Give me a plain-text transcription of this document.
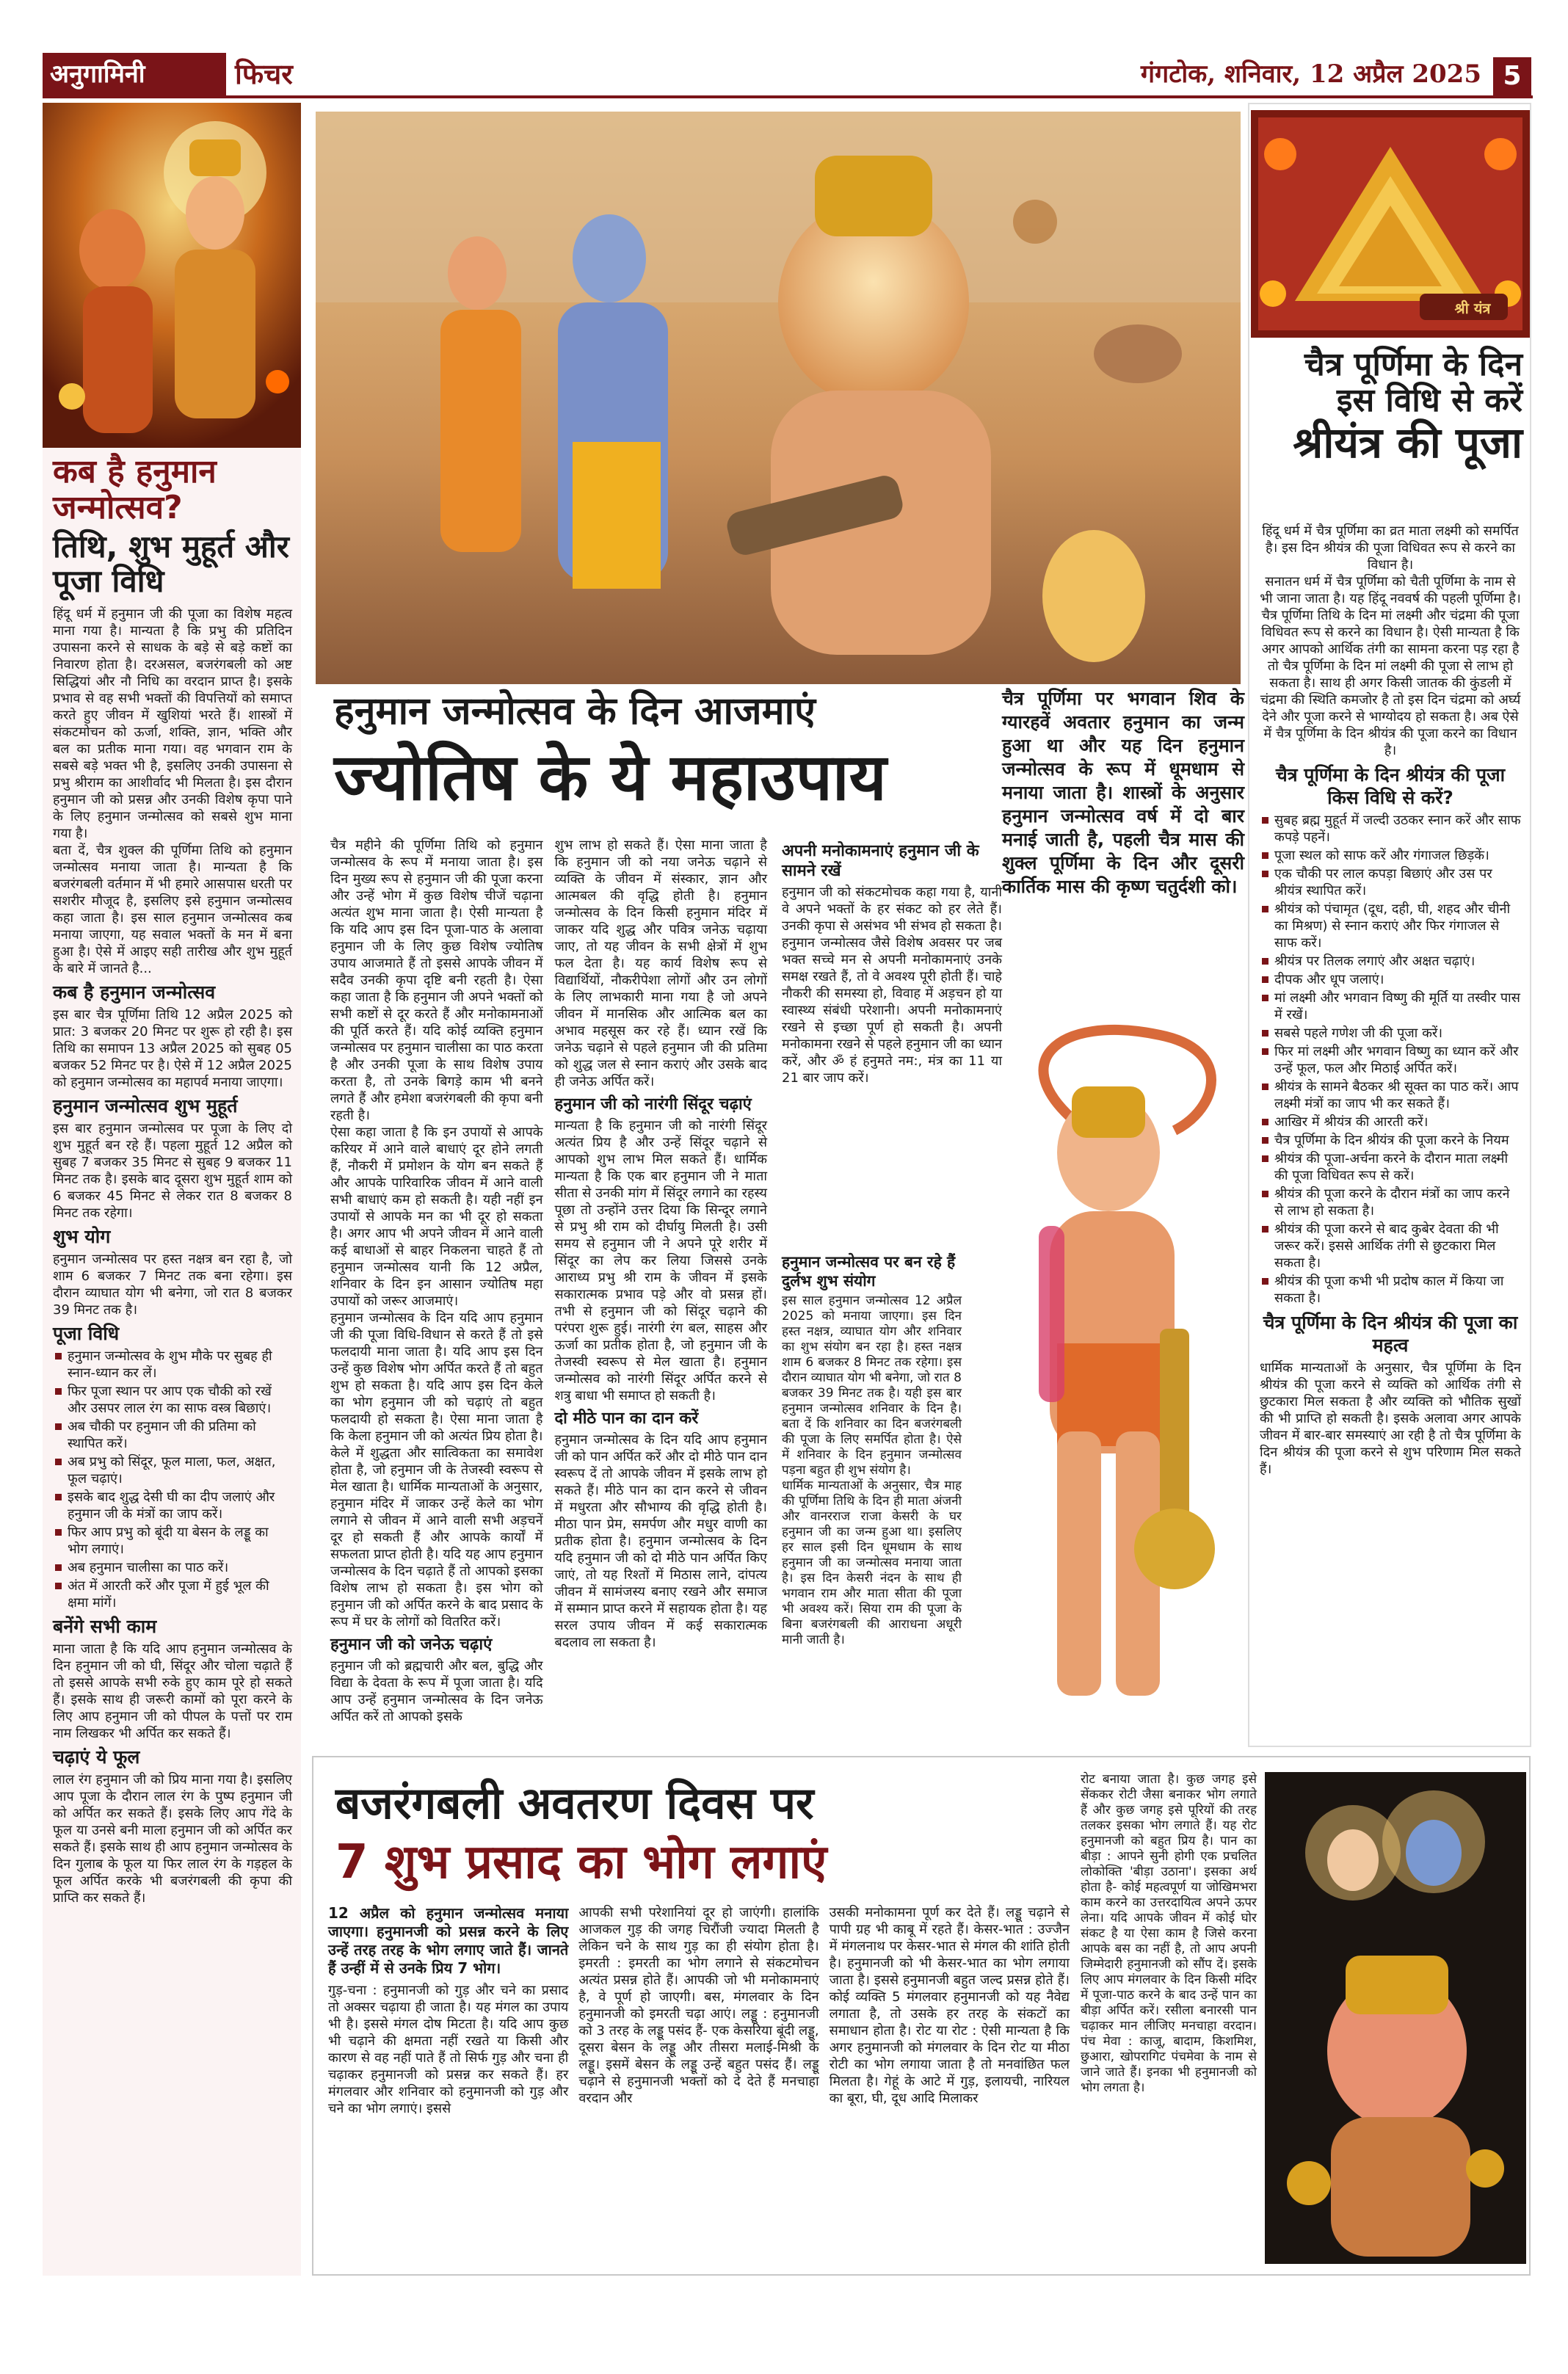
अनुगामिनी	फिचर	गंगटोक, शनिवार, 12 अप्रैल 2025 5
कब है हनुमान जन्मोत्सव?
तिथि, शुभ मुहूर्त और पूजा विधि

हिंदू धर्म में हनुमान जी की पूजा का विशेष महत्व माना गया है। मान्यता है कि प्रभु की प्रतिदिन उपासना करने से साधक के बड़े से बड़े कष्टों का निवारण होता है। दरअसल, बजरंगबली को अष्ट सिद्धियां और नौ निधि का वरदान प्राप्त है। इसके प्रभाव से वह सभी भक्तों की विपत्तियों को समाप्त करते हुए जीवन में खुशियां भरते हैं। शास्त्रों में संकटमोचन को ऊर्जा, शक्ति, ज्ञान, भक्ति और बल का प्रतीक माना गया। वह भगवान राम के सबसे बड़े भक्त भी है, इसलिए उनकी उपासना से प्रभु श्रीराम का आशीर्वाद भी मिलता है। इस दौरान हनुमान जी को प्रसन्न और उनकी विशेष कृपा पाने के लिए हनुमान जन्मोत्सव को सबसे शुभ माना गया है।

बता दें, चैत्र शुक्ल की पूर्णिमा तिथि को हनुमान जन्मोत्सव मनाया जाता है। मान्यता है कि बजरंगबली वर्तमान में भी हमारे आसपास धरती पर सशरीर मौजूद है, इसलिए इसे हनुमान जन्मोत्सव कहा जाता है। इस साल हनुमान जन्मोत्सव कब मनाया जाएगा, यह सवाल भक्तों के मन में बना हुआ है। ऐसे में आइए सही तारीख और शुभ मुहूर्त के बारे में जानते है...

कब है हनुमान जन्मोत्सव

इस बार चैत्र पूर्णिमा तिथि 12 अप्रैल 2025 को प्रात: 3 बजकर 20 मिनट पर शुरू हो रही है। इस तिथि का समापन 13 अप्रैल 2025 को सुबह 05 बजकर 52 मिनट पर है। ऐसे में 12 अप्रैल 2025 को हनुमान जन्मोत्सव का महापर्व मनाया जाएगा।

हनुमान जन्मोत्सव शुभ मुहूर्त

इस बार हनुमान जन्मोत्सव पर पूजा के लिए दो शुभ मुहूर्त बन रहे हैं। पहला मुहूर्त 12 अप्रैल को सुबह 7 बजकर 35 मिनट से सुबह 9 बजकर 11 मिनट तक है। इसके बाद दूसरा शुभ मुहूर्त शाम को 6 बजकर 45 मिनट से लेकर रात 8 बजकर 8 मिनट तक रहेगा।

शुभ योग

हनुमान जन्मोत्सव पर हस्त नक्षत्र बन रहा है, जो शाम 6 बजकर 7 मिनट तक बना रहेगा। इस दौरान व्याघात योग भी बनेगा, जो रात 8 बजकर 39 मिनट तक है।

पूजा विधि
हनुमान जन्मोत्सव के शुभ मौके पर सुबह ही स्नान-ध्यान कर लें।
फिर पूजा स्थान पर आप एक चौकी को रखें और उसपर लाल रंग का साफ वस्त्र बिछाएं।
अब चौकी पर हनुमान जी की प्रतिमा को स्थापित करें।
अब प्रभु को सिंदूर, फूल माला, फल, अक्षत, फूल चढ़ाएं।
इसके बाद शुद्ध देसी घी का दीप जलाएं और हनुमान जी के मंत्रों का जाप करें।
फिर आप प्रभु को बूंदी या बेसन के लड्डू का भोग लगाएं।
अब हनुमान चालीसा का पाठ करें।
अंत में आरती करें और पूजा में हुई भूल की क्षमा मांगें।
बनेंगे सभी काम

माना जाता है कि यदि आप हनुमान जन्मोत्सव के दिन हनुमान जी को घी, सिंदूर और चोला चढ़ाते हैं तो इससे आपके सभी रुके हुए काम पूरे हो सकते हैं। इसके साथ ही जरूरी कामों को पूरा करने के लिए आप हनुमान जी को पीपल के पत्तों पर राम नाम लिखकर भी अर्पित कर सकते हैं।

चढ़ाएं ये फूल

लाल रंग हनुमान जी को प्रिय माना गया है। इसलिए आप पूजा के दौरान लाल रंग के पुष्प हनुमान जी को अर्पित कर सकते हैं। इसके लिए आप गेंदे के फूल या उनसे बनी माला हनुमान जी को अर्पित कर सकते हैं। इसके साथ ही आप हनुमान जन्मोत्सव के दिन गुलाब के फूल या फिर लाल रंग के गड़हल के फूल अर्पित करके भी बजरंगबली की कृपा की प्राप्ति कर सकते हैं।

हनुमान जन्मोत्सव के दिन आजमाएं
ज्योतिष के ये महाउपाय

चैत्र पूर्णिमा पर भगवान शिव के ग्यारहवें अवतार हनुमान का जन्म हुआ था और यह दिन हनुमान जन्मोत्सव के रूप में धूमधाम से मनाया जाता है। शास्त्रों के अनुसार हनुमान जन्मोत्सव वर्ष में दो बार मनाई जाती है, पहली चैत्र मास की शुक्ल पूर्णिमा के दिन और दूसरी कार्तिक मास की कृष्ण चतुर्दशी को।

चैत्र महीने की पूर्णिमा तिथि को हनुमान जन्मोत्सव के रूप में मनाया जाता है। इस दिन मुख्य रूप से हनुमान जी की पूजा करना और उन्हें भोग में कुछ विशेष चीजें चढ़ाना अत्यंत शुभ माना जाता है। ऐसी मान्यता है कि यदि आप इस दिन पूजा-पाठ के अलावा हनुमान जी के लिए कुछ विशेष ज्योतिष उपाय आजमाते हैं तो इससे आपके जीवन में सदैव उनकी कृपा दृष्टि बनी रहती है। ऐसा कहा जाता है कि हनुमान जी अपने भक्तों को सभी कष्टों से दूर करते हैं और मनोकामनाओं की पूर्ति करते हैं। यदि कोई व्यक्ति हनुमान जन्मोत्सव पर हनुमान चालीसा का पाठ करता है और उनकी पूजा के साथ विशेष उपाय करता है, तो उनके बिगड़े काम भी बनने लगते हैं और हमेशा बजरंगबली की कृपा बनी रहती है।

ऐसा कहा जाता है कि इन उपायों से आपके करियर में आने वाले बाधाएं दूर होने लगती हैं, नौकरी में प्रमोशन के योग बन सकते हैं और आपके पारिवारिक जीवन में आने वाली सभी बाधाएं कम हो सकती है। यही नहीं इन उपायों से आपके मन का भी दूर हो सकता है। अगर आप भी अपने जीवन में आने वाली कई बाधाओं से बाहर निकलना चाहते हैं तो हनुमान जन्मोत्सव यानी कि 12 अप्रैल, शनिवार के दिन इन आसान ज्योतिष महा उपायों को जरूर आजमाएं।

हनुमान जन्मोत्सव के दिन यदि आप हनुमान जी की पूजा विधि-विधान से करते हैं तो इसे फलदायी माना जाता है। यदि आप इस दिन उन्हें कुछ विशेष भोग अर्पित करते हैं तो बहुत शुभ हो सकता है। यदि आप इस दिन केले का भोग हनुमान जी को चढ़ाएं तो बहुत फलदायी हो सकता है। ऐसा माना जाता है कि केला हनुमान जी को अत्यंत प्रिय होता है। केले में शुद्धता और सात्विकता का समावेश होता है, जो हनुमान जी के तेजस्वी स्वरूप से मेल खाता है। धार्मिक मान्यताओं के अनुसार, हनुमान मंदिर में जाकर उन्हें केले का भोग लगाने से जीवन में आने वाली सभी अड़चनें दूर हो सकती हैं और आपके कार्यों में सफलता प्राप्त होती है। यदि यह आप हनुमान जन्मोत्सव के दिन चढ़ाते हैं तो आपको इसका विशेष लाभ हो सकता है। इस भोग को हनुमान जी को अर्पित करने के बाद प्रसाद के रूप में घर के लोगों को वितरित करें।

हनुमान जी को जनेऊ चढ़ाएं

हनुमान जी को ब्रह्मचारी और बल, बुद्धि और विद्या के देवता के रूप में पूजा जाता है। यदि आप उन्हें हनुमान जन्मोत्सव के दिन जनेऊ अर्पित करें तो आपको इसके

शुभ लाभ हो सकते हैं। ऐसा माना जाता है कि हनुमान जी को नया जनेऊ चढ़ाने से व्यक्ति के जीवन में संस्कार, ज्ञान और आत्मबल की वृद्धि होती है। हनुमान जन्मोत्सव के दिन किसी हनुमान मंदिर में जाकर यदि शुद्ध और पवित्र जनेऊ चढ़ाया जाए, तो यह जीवन के सभी क्षेत्रों में शुभ फल देता है। यह कार्य विशेष रूप से विद्यार्थियों, नौकरीपेशा लोगों और उन लोगों के लिए लाभकारी माना गया है जो अपने जीवन में मानसिक और आत्मिक बल का अभाव महसूस कर रहे हैं। ध्यान रखें कि जनेऊ चढ़ाने से पहले हनुमान जी की प्रतिमा को शुद्ध जल से स्नान कराएं और उसके बाद ही जनेऊ अर्पित करें।

हनुमान जी को नारंगी सिंदूर चढ़ाएं

मान्यता है कि हनुमान जी को नारंगी सिंदूर अत्यंत प्रिय है और उन्हें सिंदूर चढ़ाने से आपको शुभ लाभ मिल सकते हैं। धार्मिक मान्यता है कि एक बार हनुमान जी ने माता सीता से उनकी मांग में सिंदूर लगाने का रहस्य पूछा तो उन्होंने उत्तर दिया कि सिन्दूर लगाने से प्रभु श्री राम को दीर्घायु मिलती है। उसी समय से हनुमान जी ने अपने पूरे शरीर में सिंदूर का लेप कर लिया जिससे उनके आराध्य प्रभु श्री राम के जीवन में इसके सकारात्मक प्रभाव पड़े और वो प्रसन्न हों। तभी से हनुमान जी को सिंदूर चढ़ाने की परंपरा शुरू हुई। नारंगी रंग बल, साहस और ऊर्जा का प्रतीक होता है, जो हनुमान जी के तेजस्वी स्वरूप से मेल खाता है। हनुमान जन्मोत्सव को नारंगी सिंदूर अर्पित करने से शत्रु बाधा भी समाप्त हो सकती है।

दो मीठे पान का दान करें

हनुमान जन्मोत्सव के दिन यदि आप हनुमान जी को पान अर्पित करें और दो मीठे पान दान स्वरूप दें तो आपके जीवन में इसके लाभ हो सकते हैं। मीठे पान का दान करने से जीवन में मधुरता और सौभाग्य की वृद्धि होती है। मीठा पान प्रेम, समर्पण और मधुर वाणी का प्रतीक होता है। हनुमान जन्मोत्सव के दिन यदि हनुमान जी को दो मीठे पान अर्पित किए जाएं, तो यह रिश्तों में मिठास लाने, दांपत्य जीवन में सामंजस्य बनाए रखने और समाज में सम्मान प्राप्त करने में सहायक होता है। यह सरल उपाय जीवन में कई सकारात्मक बदलाव ला सकता है।

अपनी मनोकामनाएं हनुमान जी के सामने रखें

हनुमान जी को संकटमोचक कहा गया है, यानी वे अपने भक्तों के हर संकट को हर लेते हैं। उनकी कृपा से असंभव भी संभव हो सकता है। हनुमान जन्मोत्सव जैसे विशेष अवसर पर जब भक्त सच्चे मन से अपनी मनोकामनाएं उनके समक्ष रखते हैं, तो वे अवश्य पूरी होती हैं। चाहे नौकरी की समस्या हो, विवाह में अड़चन हो या स्वास्थ्य संबंधी परेशानी। अपनी मनोकामनाएं रखने से इच्छा पूर्ण हो सकती है। अपनी मनोकामना रखने से पहले हनुमान जी का ध्यान करें, और ॐ हं हनुमते नम:, मंत्र का 11 या 21 बार जाप करें।

हनुमान जन्मोत्सव पर बन रहे हैं दुर्लभ शुभ संयोग

इस साल हनुमान जन्मोत्सव 12 अप्रैल 2025 को मनाया जाएगा। इस दिन हस्त नक्षत्र, व्याघात योग और शनिवार का शुभ संयोग बन रहा है। हस्त नक्षत्र शाम 6 बजकर 8 मिनट तक रहेगा। इस दौरान व्याघात योग भी बनेगा, जो रात 8 बजकर 39 मिनट तक है। यही इस बार हनुमान जन्मोत्सव शनिवार के दिन है। बता दें कि शनिवार का दिन बजरंगबली की पूजा के लिए समर्पित होता है। ऐसे में शनिवार के दिन हनुमान जन्मोत्सव पड़ना बहुत ही शुभ संयोग है।

धार्मिक मान्यताओं के अनुसार, चैत्र माह की पूर्णिमा तिथि के दिन ही माता अंजनी और वानरराज राजा केसरी के घर हनुमान जी का जन्म हुआ था। इसलिए हर साल इसी दिन धूमधाम के साथ हनुमान जी का जन्मोत्सव मनाया जाता है। इस दिन केसरी नंदन के साथ ही भगवान राम और माता सीता की पूजा भी अवश्य करें। सिया राम की पूजा के बिना बजरंगबली की आराधना अधूरी मानी जाती है।

श्री यंत्र
चैत्र पूर्णिमा के दिन
इस विधि से करें
श्रीयंत्र की पूजा

हिंदू धर्म में चैत्र पूर्णिमा का व्रत माता लक्ष्मी को समर्पित है। इस दिन श्रीयंत्र की पूजा विधिवत रूप से करने का विधान है।

सनातन धर्म में चैत्र पूर्णिमा को चैती पूर्णिमा के नाम से भी जाना जाता है। यह हिंदू नववर्ष की पहली पूर्णिमा है। चैत्र पूर्णिमा तिथि के दिन मां लक्ष्मी और चंद्रमा की पूजा विधिवत रूप से करने का विधान है। ऐसी मान्यता है कि अगर आपको आर्थिक तंगी का सामना करना पड़ रहा है तो चैत्र पूर्णिमा के दिन मां लक्ष्मी की पूजा से लाभ हो सकता है। साथ ही अगर किसी जातक की कुंडली में चंद्रमा की स्थिति कमजोर है तो इस दिन चंद्रमा को अर्घ्य देने और पूजा करने से भाग्योदय हो सकता है। अब ऐसे में चैत्र पूर्णिमा के दिन श्रीयंत्र की पूजा करने का विधान है।

चैत्र पूर्णिमा के दिन श्रीयंत्र की पूजा किस विधि से करें?
सुबह ब्रह्म मुहूर्त में जल्दी उठकर स्नान करें और साफ कपड़े पहनें।
पूजा स्थल को साफ करें और गंगाजल छिड़कें।
एक चौकी पर लाल कपड़ा बिछाएं और उस पर श्रीयंत्र स्थापित करें।
श्रीयंत्र को पंचामृत (दूध, दही, घी, शहद और चीनी का मिश्रण) से स्नान कराएं और फिर गंगाजल से साफ करें।
श्रीयंत्र पर तिलक लगाएं और अक्षत चढ़ाएं।
दीपक और धूप जलाएं।
मां लक्ष्मी और भगवान विष्णु की मूर्ति या तस्वीर पास में रखें।
सबसे पहले गणेश जी की पूजा करें।
फिर मां लक्ष्मी और भगवान विष्णु का ध्यान करें और उन्हें फूल, फल और मिठाई अर्पित करें।
श्रीयंत्र के सामने बैठकर श्री सूक्त का पाठ करें। आप लक्ष्मी मंत्रों का जाप भी कर सकते हैं।
आखिर में श्रीयंत्र की आरती करें।
चैत्र पूर्णिमा के दिन श्रीयंत्र की पूजा करने के नियम
श्रीयंत्र की पूजा-अर्चना करने के दौरान माता लक्ष्मी की पूजा विधिवत रूप से करें।
श्रीयंत्र की पूजा करने के दौरान मंत्रों का जाप करने से लाभ हो सकता है।
श्रीयंत्र की पूजा करने से बाद कुबेर देवता की भी जरूर करें। इससे आर्थिक तंगी से छुटकारा मिल सकता है।
श्रीयंत्र की पूजा कभी भी प्रदोष काल में किया जा सकता है।
चैत्र पूर्णिमा के दिन श्रीयंत्र की पूजा का महत्व

धार्मिक मान्यताओं के अनुसार, चैत्र पूर्णिमा के दिन श्रीयंत्र की पूजा करने से व्यक्ति को आर्थिक तंगी से छुटकारा मिल सकता है और व्यक्ति को भौतिक सुखों की भी प्राप्ति हो सकती है। इसके अलावा अगर आपके जीवन में बार-बार समस्याएं आ रही है तो चैत्र पूर्णिमा के दिन श्रीयंत्र की पूजा करने से शुभ परिणाम मिल सकते हैं।

बजरंगबली अवतरण दिवस पर
7 शुभ प्रसाद का भोग लगाएं

12 अप्रैल को हनुमान जन्मोत्सव मनाया जाएगा। हनुमानजी को प्रसन्न करने के लिए उन्हें तरह तरह के भोग लगाए जाते हैं। जानते हैं उन्हीं में से उनके प्रिय 7 भोग।

गुड़-चना : हनुमानजी को गुड़ और चने का प्रसाद तो अक्सर चढ़ाया ही जाता है। यह मंगल का उपाय भी है। इससे मंगल दोष मिटता है। यदि आप कुछ भी चढ़ाने की क्षमता नहीं रखते या किसी और कारण से वह नहीं पाते हैं तो सिर्फ गुड़ और चना ही चढ़ाकर हनुमानजी को प्रसन्न कर सकते हैं। हर मंगलवार और शनिवार को हनुमानजी को गुड़ और चने का भोग लगाएं। इससे

आपकी सभी परेशानियां दूर हो जाएंगी। हालांकि आजकल गुड़ की जगह चिरौंजी ज्यादा मिलती है लेकिन चने के साथ गुड़ का ही संयोग होता है। इमरती : इमरती का भोग लगाने से संकटमोचन अत्यंत प्रसन्न होते हैं। आपकी जो भी मनोकामनाएं है, वे पूर्ण हो जाएगी। बस, मंगलवार के दिन हनुमानजी को इमरती चढ़ा आएं। लड्डू : हनुमानजी को 3 तरह के लड्डू पसंद हैं- एक केसरिया बूंदी लड्डू, दूसरा बेसन के लड्डू और तीसरा मलाई-मिश्री के लड्डू। इसमें बेसन के लड्डू उन्हें बहुत पसंद हैं। लड्डू चढ़ाने से हनुमानजी भक्तों को दे देते हैं मनचाहा वरदान और

उसकी मनोकामना पूर्ण कर देते हैं। लड्डू चढ़ाने से पापी ग्रह भी काबू में रहते हैं। केसर-भात : उज्जैन में मंगलनाथ पर केसर-भात से मंगल की शांति होती है। हनुमानजी को भी केसर-भात का भोग लगाया जाता है। इससे हनुमानजी बहुत जल्द प्रसन्न होते हैं। कोई व्यक्ति 5 मंगलवार हनुमानजी को यह नैवेद्य लगाता है, तो उसके हर तरह के संकटों का समाधान होता है। रोट या रोट : ऐसी मान्यता है कि अगर हनुमानजी को मंगलवार के दिन रोट या मीठा रोटी का भोग लगाया जाता है तो मनवांछित फल मिलता है। गेहूं के आटे में गुड़, इलायची, नारियल का बूरा, घी, दूध आदि मिलाकर

रोट बनाया जाता है। कुछ जगह इसे सेंककर रोटी जैसा बनाकर भोग लगाते हैं और कुछ जगह इसे पूरियों की तरह तलकर इसका भोग लगाते हैं। यह रोट हनुमानजी को बहुत प्रिय है। पान का बीड़ा : आपने सुनी होगी एक प्रचलित लोकोक्ति 'बीड़ा उठाना'। इसका अर्थ होता है- कोई महत्वपूर्ण या जोखिमभरा काम करने का उत्तरदायित्व अपने ऊपर लेना। यदि आपके जीवन में कोई घोर संकट है या ऐसा काम है जिसे करना आपके बस का नहीं है, तो आप अपनी जिम्मेदारी हनुमानजी को सौंप दें। इसके लिए आप मंगलवार के दिन किसी मंदिर में पूजा-पाठ करने के बाद उन्हें पान का बीड़ा अर्पित करें। रसीला बनारसी पान चढ़ाकर मान लीजिए मनचाहा वरदान। पंच मेवा : काजू, बादाम, किशमिश, छुआरा, खोपरागिट पंचमेवा के नाम से जाने जाते हैं। इनका भी हनुमानजी को भोग लगता है।
